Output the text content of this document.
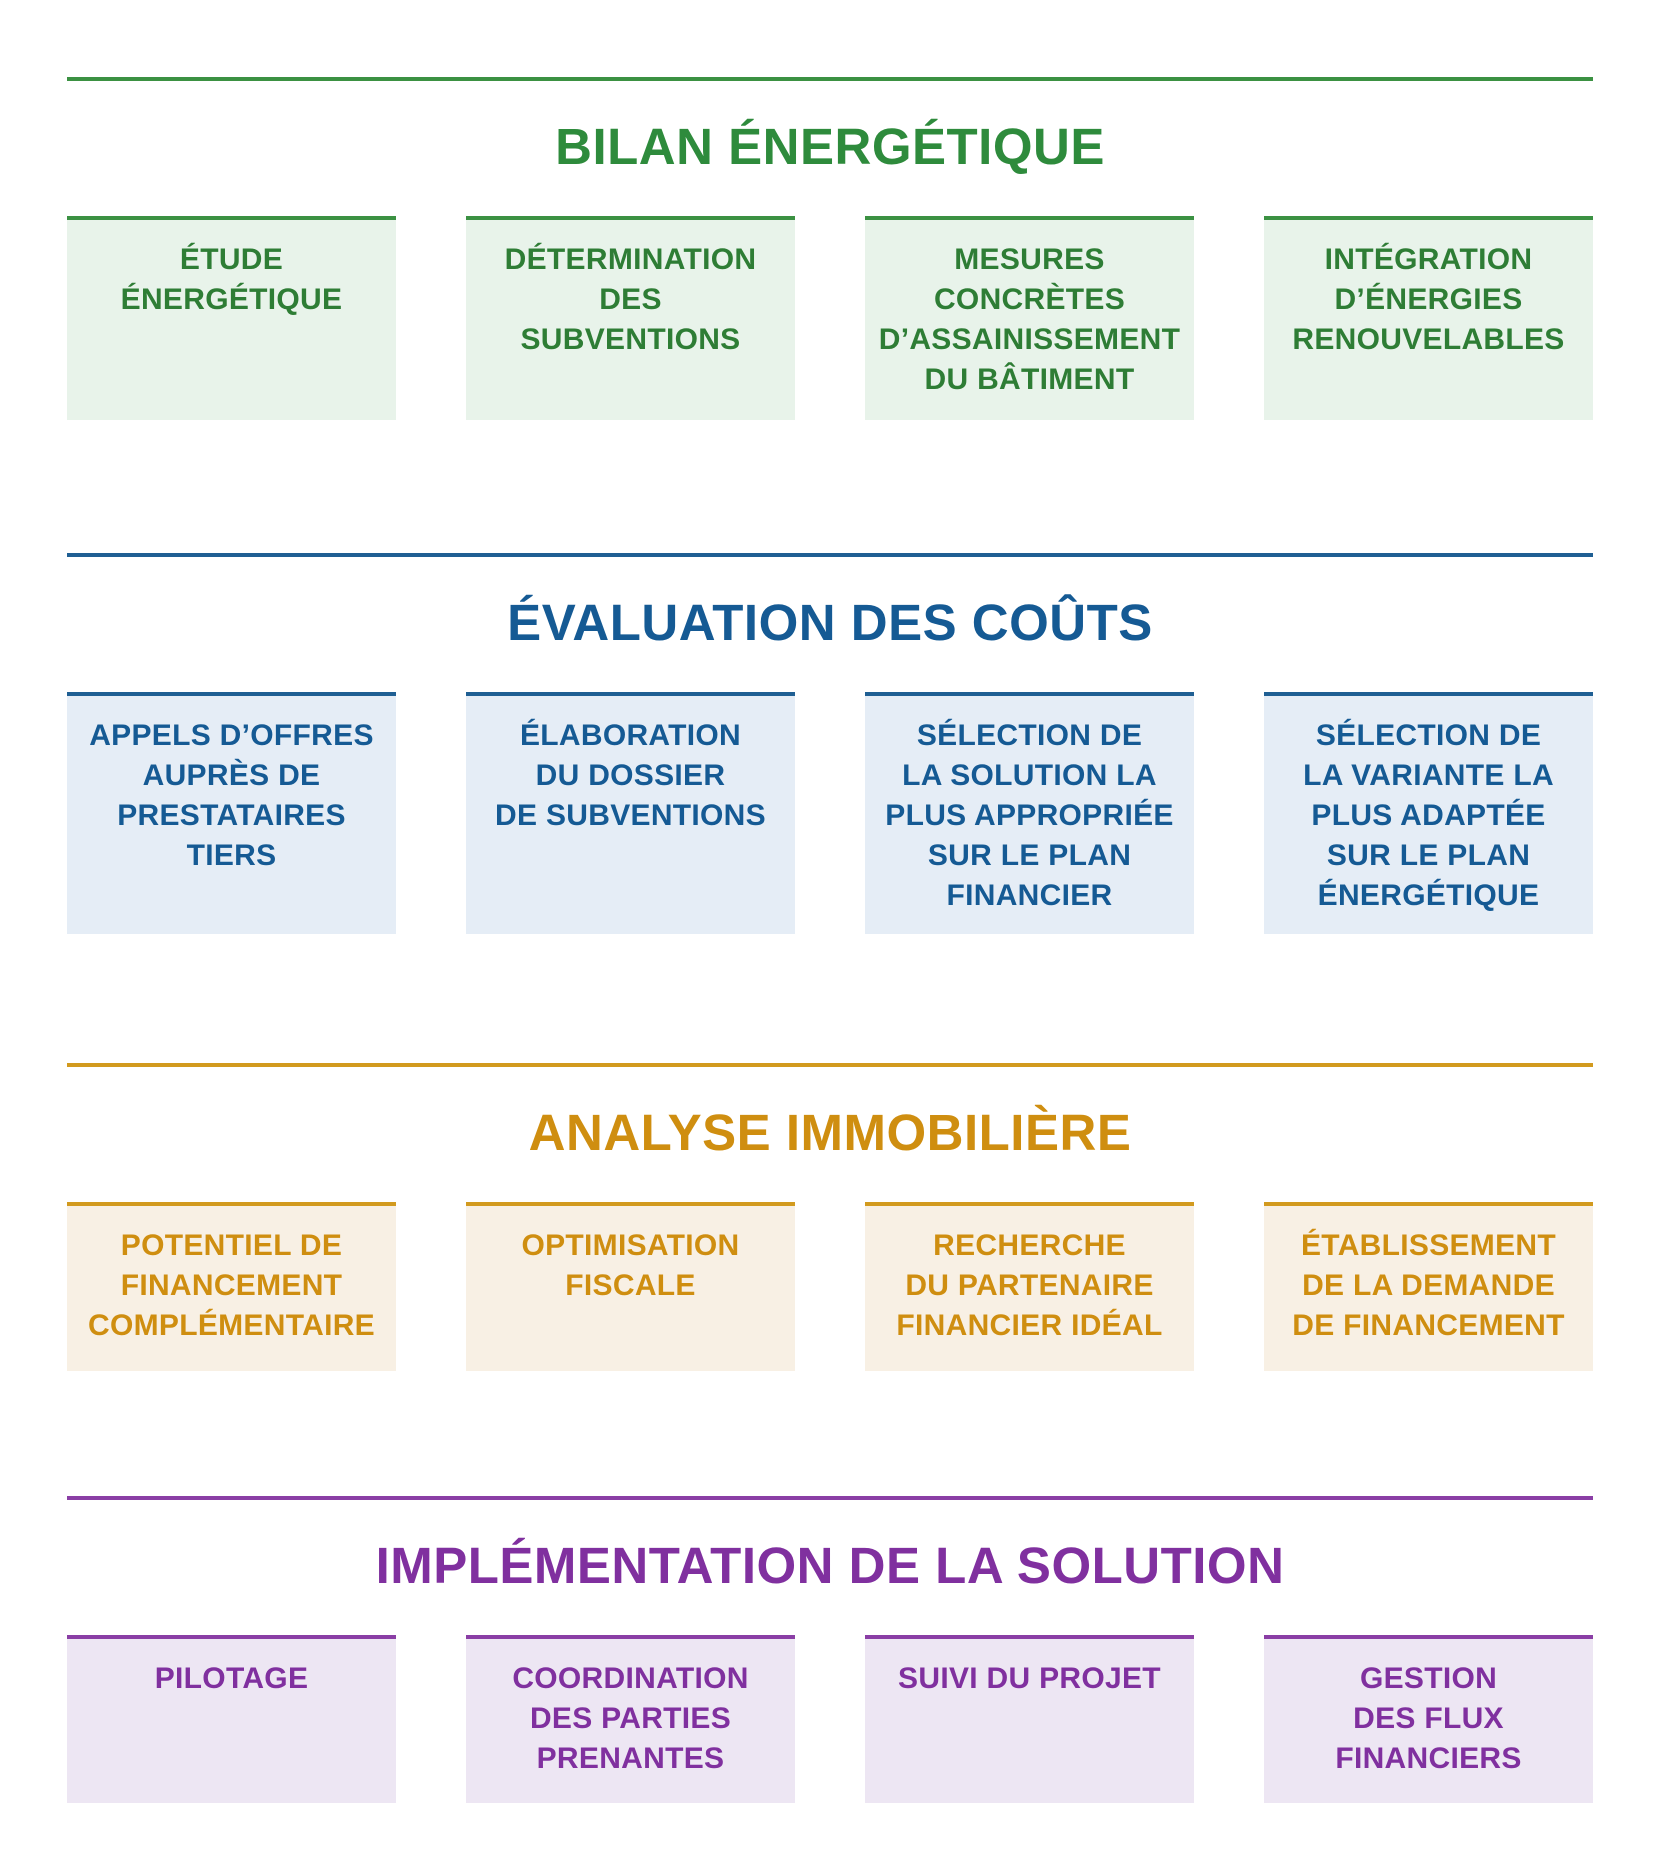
BILAN ÉNERGÉTIQUE
ÉTUDE
ÉNERGÉTIQUE
DÉTERMINATION
DES
SUBVENTIONS
MESURES
CONCRÈTES
D’ASSAINISSEMENT
DU BÂTIMENT
INTÉGRATION
D’ÉNERGIES
RENOUVELABLES
ÉVALUATION DES COÛTS
APPELS D’OFFRES
AUPRÈS DE
PRESTATAIRES
TIERS
ÉLABORATION
DU DOSSIER
DE SUBVENTIONS
SÉLECTION DE
LA SOLUTION LA
PLUS APPROPRIÉE
SUR LE PLAN
FINANCIER
SÉLECTION DE
LA VARIANTE LA
PLUS ADAPTÉE
SUR LE PLAN
ÉNERGÉTIQUE
ANALYSE IMMOBILIÈRE
POTENTIEL DE
FINANCEMENT
COMPLÉMENTAIRE
OPTIMISATION
FISCALE
RECHERCHE
DU PARTENAIRE
FINANCIER IDÉAL
ÉTABLISSEMENT
DE LA DEMANDE
DE FINANCEMENT
IMPLÉMENTATION DE LA SOLUTION
PILOTAGE	COORDINATION
DES PARTIES
PRENANTES
SUIVI DU PROJET	GESTION
DES FLUX
FINANCIERS
